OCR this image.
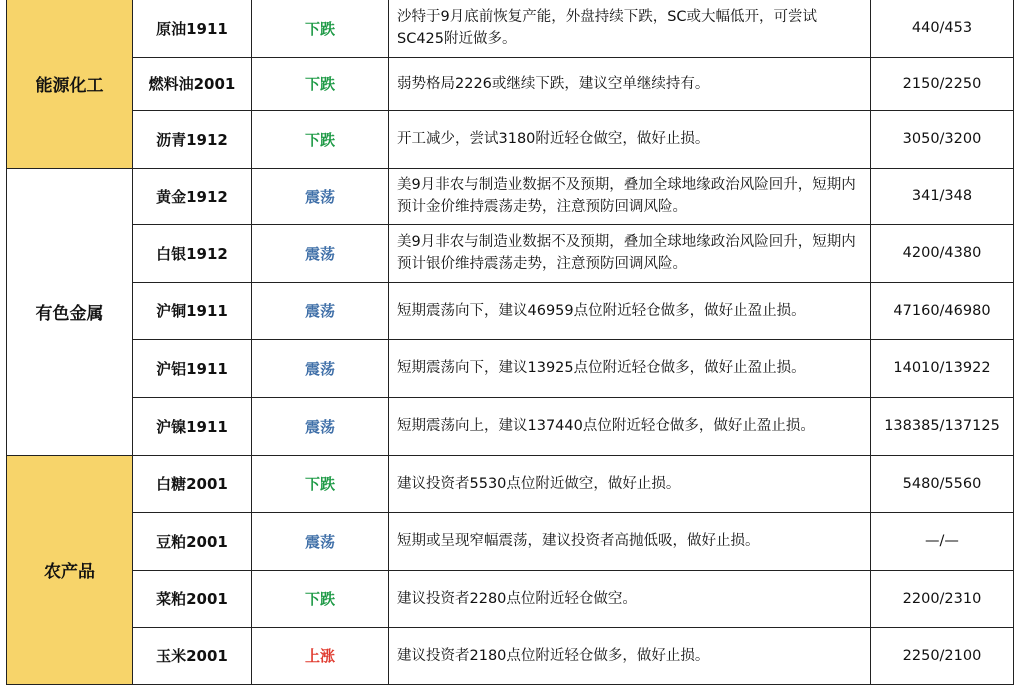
能源化工	原油1911	下跌	沙特于9月底前恢复产能，外盘持续下跌，SC或大幅低开，可尝试SC425附近做多。	440/453
	燃料油2001	下跌	弱势格局2226或继续下跌，建议空单继续持有。	2150/2250
	沥青1912	下跌	开工减少，尝试3180附近轻仓做空，做好止损。	3050/3200
有色金属	黄金1912	震荡	美9月非农与制造业数据不及预期，叠加全球地缘政治风险回升，短期内预计金价维持震荡走势，注意预防回调风险。	341/348
	白银1912	震荡	美9月非农与制造业数据不及预期，叠加全球地缘政治风险回升，短期内预计银价维持震荡走势，注意预防回调风险。	4200/4380
	沪铜1911	震荡	短期震荡向下，建议46959点位附近轻仓做多，做好止盈止损。	47160/46980
	沪铝1911	震荡	短期震荡向下，建议13925点位附近轻仓做多，做好止盈止损。	14010/13922
	沪镍1911	震荡	短期震荡向上，建议137440点位附近轻仓做多，做好止盈止损。	138385/137125
农产品	白糖2001	下跌	建议投资者5530点位附近做空，做好止损。	5480/5560
	豆粕2001	震荡	短期或呈现窄幅震荡，建议投资者高抛低吸，做好止损。	—/—
	菜粕2001	下跌	建议投资者2280点位附近轻仓做空。	2200/2310
	玉米2001	上涨	建议投资者2180点位附近轻仓做多，做好止损。	2250/2100
